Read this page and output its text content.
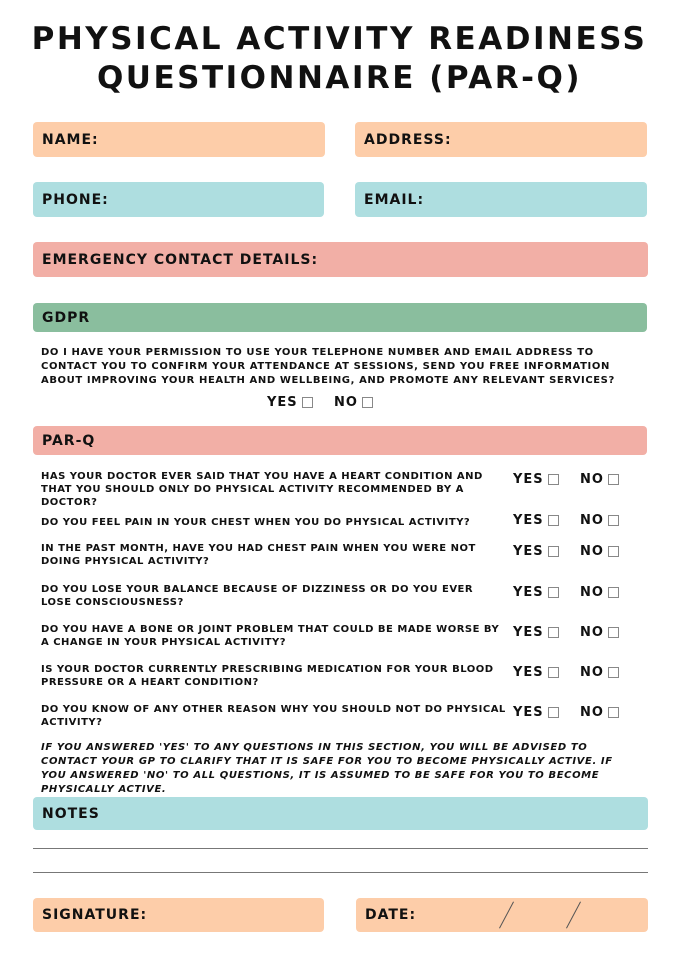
PHYSICAL ACTIVITY READINESS QUESTIONNAIRE (PAR-Q)
NAME:	ADDRESS:
PHONE:	EMAIL:
EMERGENCY CONTACT DETAILS:
GDPR
DO I HAVE YOUR PERMISSION TO USE YOUR TELEPHONE NUMBER AND EMAIL ADDRESS TO CONTACT YOU TO CONFIRM YOUR ATTENDANCE AT SESSIONS, SEND YOU FREE INFORMATION ABOUT IMPROVING YOUR HEALTH AND WELLBEING, AND PROMOTE ANY RELEVANT SERVICES?
YES	NO
PAR-Q
HAS YOUR DOCTOR EVER SAID THAT YOU HAVE A HEART CONDITION AND THAT YOU SHOULD ONLY DO PHYSICAL ACTIVITY RECOMMENDED BY A DOCTOR?
YES	NO
DO YOU FEEL PAIN IN YOUR CHEST WHEN YOU DO PHYSICAL ACTIVITY?	YES	NO
IN THE PAST MONTH, HAVE YOU HAD CHEST PAIN WHEN YOU WERE NOT DOING PHYSICAL ACTIVITY?
YES	NO
DO YOU LOSE YOUR BALANCE BECAUSE OF DIZZINESS OR DO YOU EVER LOSE CONSCIOUSNESS?
YES	NO
DO YOU HAVE A BONE OR JOINT PROBLEM THAT COULD BE MADE WORSE BY A CHANGE IN YOUR PHYSICAL ACTIVITY?
YES	NO
IS YOUR DOCTOR CURRENTLY PRESCRIBING MEDICATION FOR YOUR BLOOD PRESSURE OR A HEART CONDITION?
YES	NO
DO YOU KNOW OF ANY OTHER REASON WHY YOU SHOULD NOT DO PHYSICAL ACTIVITY?
YES	NO
IF YOU ANSWERED 'YES' TO ANY QUESTIONS IN THIS SECTION, YOU WILL BE ADVISED TO CONTACT YOUR GP TO CLARIFY THAT IT IS SAFE FOR YOU TO BECOME PHYSICALLY ACTIVE. IF YOU ANSWERED 'NO' TO ALL QUESTIONS, IT IS ASSUMED TO BE SAFE FOR YOU TO BECOME PHYSICALLY ACTIVE.
NOTES
SIGNATURE:	DATE:
